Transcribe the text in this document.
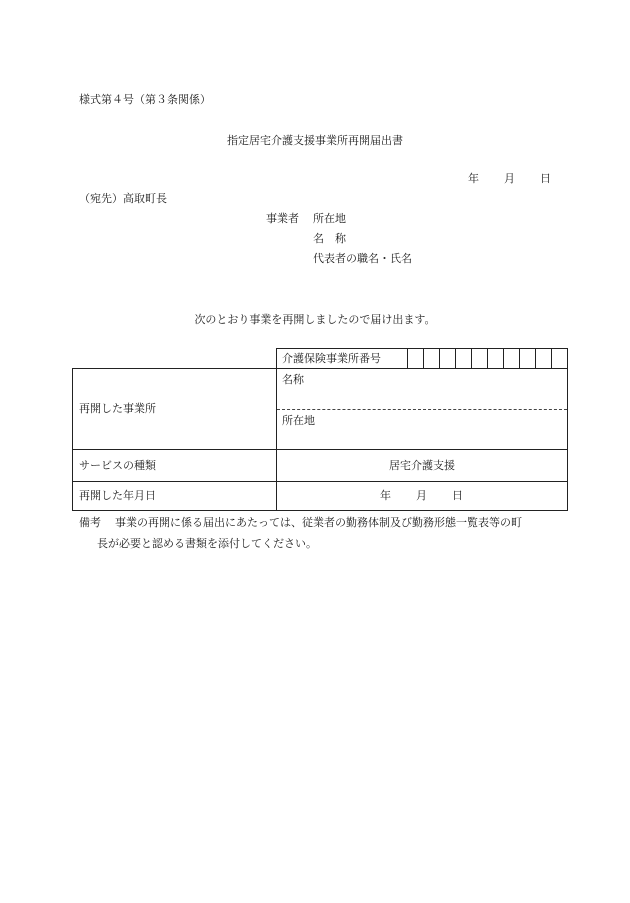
様式第４号（第３条関係）
指定居宅介護支援事業所再開届出書
年 月 日
（宛先）高取町長
事業者 所在地
名　称
代表者の職名・氏名
次のとおり事業を再開しましたので届け出ます。
介護保険事業所番号
再開した事業所
名称
所在地
サービスの種類	居宅介護支援
再開した年月日	年 月 日
備考 事業の再開に係る届出にあたっては、従業者の勤務体制及び勤務形態一覧表等の町
長が必要と認める書類を添付してください。
